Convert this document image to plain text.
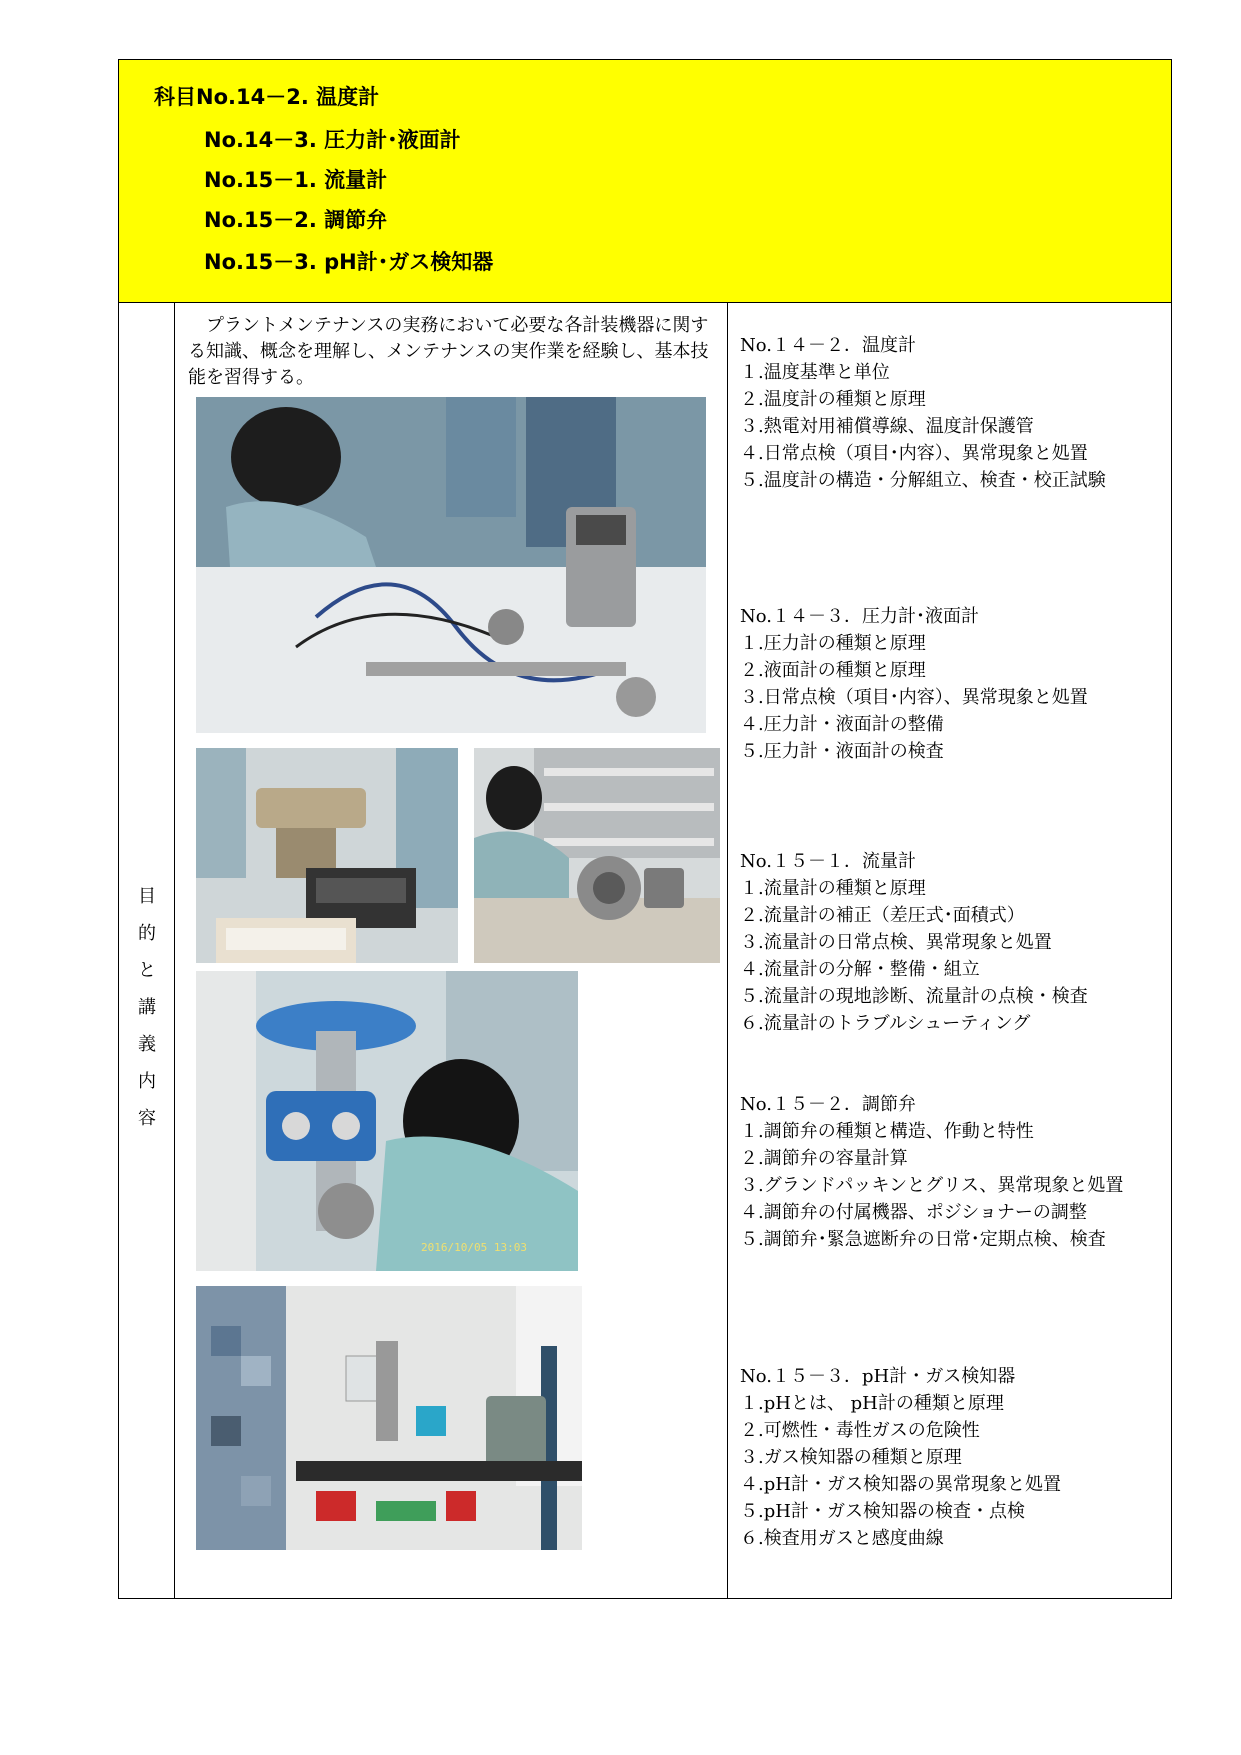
科目No.14－2. 温度計
No.14－3. 圧力計･液面計
No.15－1. 流量計
No.15－2. 調節弁
No.15－3. pH計･ガス検知器
目
的
と
講
義
内
容
　プラントメンテナンスの実務において必要な各計装機器に関する知識、概念を理解し、メンテナンスの実作業を経験し、基本技能を習得する。
2016/10/05 13:03
No.１４－２．温度計
１.温度基準と単位
２.温度計の種類と原理
３.熱電対用補償導線、温度計保護管
４.日常点検（項目･内容）、異常現象と処置
５.温度計の構造・分解組立、検査・校正試験
No.１４－３．圧力計･液面計
１.圧力計の種類と原理
２.液面計の種類と原理
３.日常点検（項目･内容）、異常現象と処置
４.圧力計・液面計の整備
５.圧力計・液面計の検査
No.１５－１．流量計
１.流量計の種類と原理
２.流量計の補正（差圧式･面積式）
３.流量計の日常点検、異常現象と処置
４.流量計の分解・整備・組立
５.流量計の現地診断、流量計の点検・検査
６.流量計のトラブルシューティング
No.１５－２．調節弁
１.調節弁の種類と構造、作動と特性
２.調節弁の容量計算
３.グランドパッキンとグリス、異常現象と処置
４.調節弁の付属機器、ポジショナーの調整
５.調節弁･緊急遮断弁の日常･定期点検、検査
No.１５－３．pH計・ガス検知器
１.pHとは、 pH計の種類と原理
２.可燃性・毒性ガスの危険性
３.ガス検知器の種類と原理
４.pH計・ガス検知器の異常現象と処置
５.pH計・ガス検知器の検査・点検
６.検査用ガスと感度曲線
